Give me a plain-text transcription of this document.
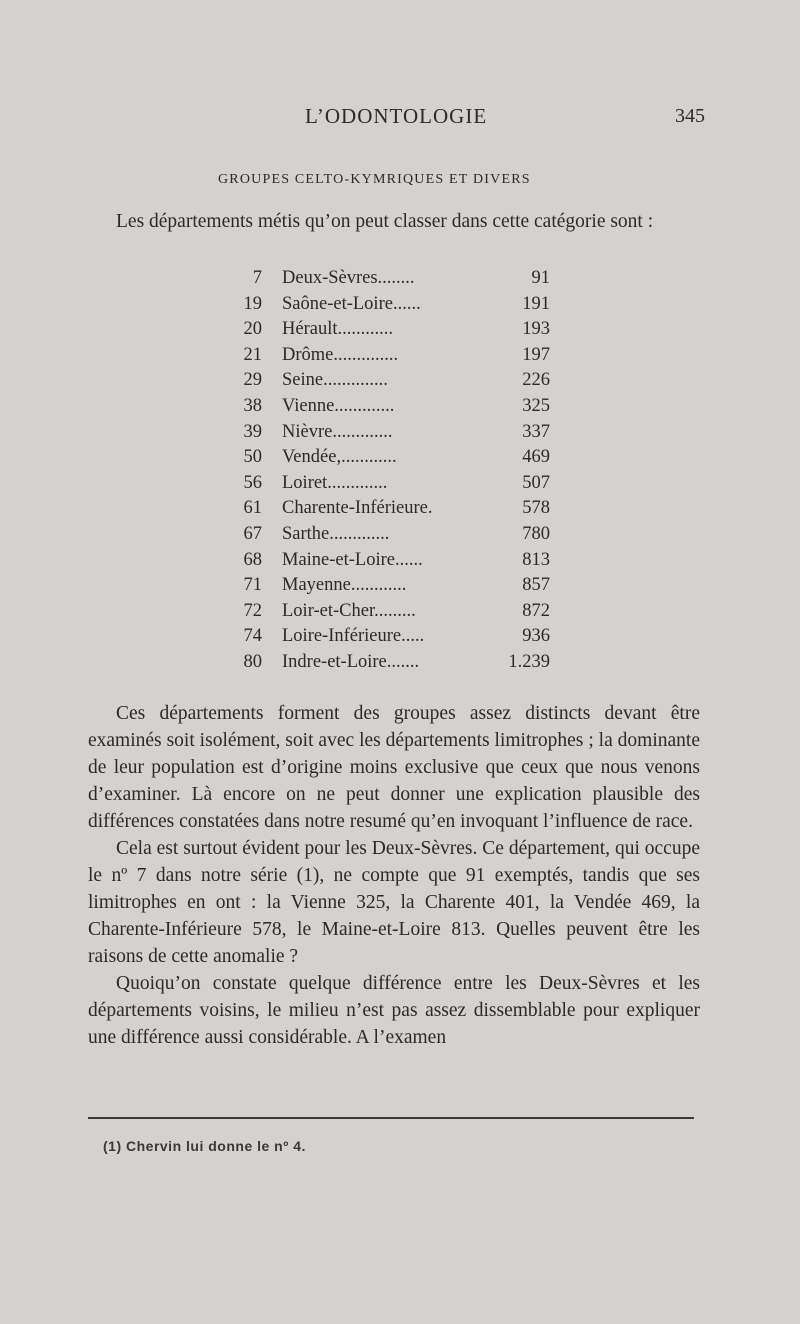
L’ODONTOLOGIE	345
GROUPES CELTO-KYMRIQUES ET DIVERS

Les départements métis qu’on peut classer dans cette catégorie sont :

7	Deux-Sèvres........	91
19	Saône-et-Loire......	191
20	Hérault............	193
21	Drôme..............	197
29	Seine..............	226
38	Vienne.............	325
39	Nièvre.............	337
50	Vendée,............	469
56	Loiret.............	507
61	Charente-Inférieure.	578
67	Sarthe.............	780
68	Maine-et-Loire......	813
71	Mayenne............	857
72	Loir-et-Cher.........	872
74	Loire-Inférieure.....	936
80	Indre-et-Loire.......	1.239

Ces départements forment des groupes assez distincts devant être examinés soit isolément, soit avec les départements limitrophes ; la dominante de leur population est d’origine moins exclusive que ceux que nous venons d’examiner. Là encore on ne peut donner une explication plausible des différences constatées dans notre resumé qu’en invoquant l’influence de race.

Cela est surtout évident pour les Deux-Sèvres. Ce département, qui occupe le nº 7 dans notre série (1), ne compte que 91 exemptés, tandis que ses limitrophes en ont : la Vienne 325, la Charente 401, la Vendée 469, la Charente-Inférieure 578, le Maine-et-Loire 813. Quelles peuvent être les raisons de cette anomalie ?

Quoiqu’on constate quelque différence entre les Deux-Sèvres et les départements voisins, le milieu n’est pas assez dissemblable pour expliquer une différence aussi considérable. A l’examen

(1) Chervin lui donne le nº 4.
